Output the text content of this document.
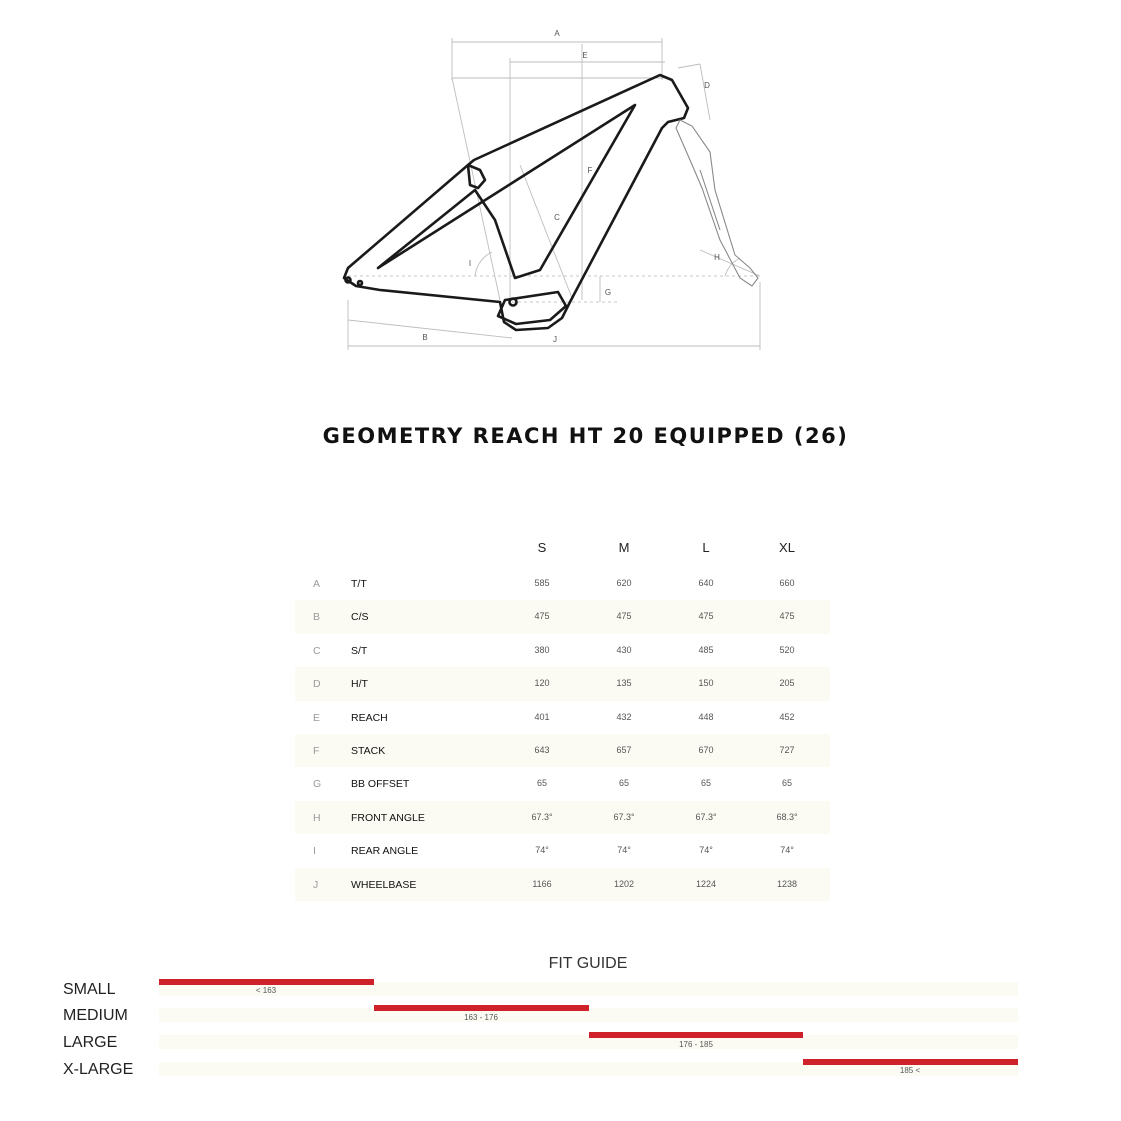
A
B
C
D
E
F
G
H
I
J
GEOMETRY REACH HT 20 EQUIPPED (26)
S	M	L	XL
A	T/T	585	620	640	660
B	C/S	475	475	475	475
C	S/T	380	430	485	520
D	H/T	120	135	150	205
E	REACH	401	432	448	452
F	STACK	643	657	670	727
G	BB OFFSET	65	65	65	65
H	FRONT ANGLE	67.3°	67.3°	67.3°	68.3°
I	REAR ANGLE	74°	74°	74°	74°
J	WHEELBASE	1166	1202	1224	1238
FIT GUIDE
SMALL	< 163
MEDIUM	163 - 176
LARGE	176 - 185
X-LARGE	185 <
